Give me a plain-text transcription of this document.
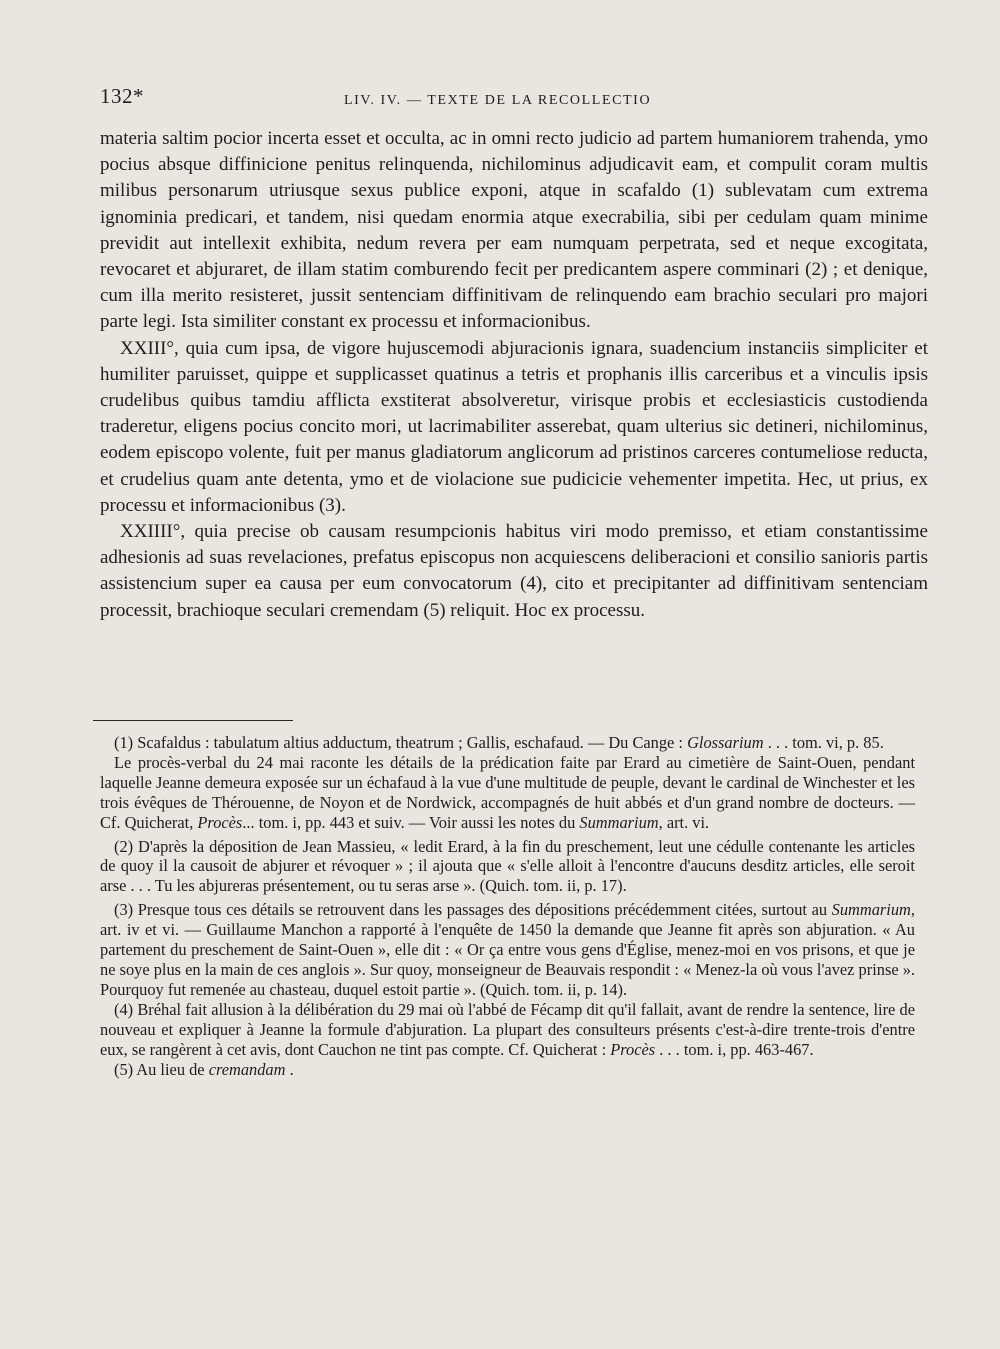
132*	LIV. IV. — TEXTE DE LA RECOLLECTIO

materia saltim pocior incerta esset et occulta, ac in omni recto judicio ad partem humaniorem trahenda, ymo pocius absque diffinicione penitus relinquenda, nichilominus adjudicavit eam, et compulit coram multis milibus personarum utriusque sexus publice exponi, atque in scafaldo (1) sublevatam cum extrema ignominia predicari, et tandem, nisi quedam enormia atque execrabilia, sibi per cedulam quam minime previdit aut intellexit exhibita, nedum revera per eam numquam perpetrata, sed et neque excogitata, revocaret et abjuraret, de illam statim comburendo fecit per predicantem aspere comminari (2) ; et denique, cum illa merito resisteret, jussit sentenciam diffinitivam de relinquendo eam brachio seculari pro majori parte legi. Ista similiter constant ex processu et informacionibus.

XXIII°, quia cum ipsa, de vigore hujuscemodi abjuracionis ignara, suadencium instanciis simpliciter et humiliter paruisset, quippe et supplicasset quatinus a tetris et prophanis illis carceribus et a vinculis ipsis crudelibus quibus tamdiu afflicta exstiterat absolveretur, virisque probis et ecclesiasticis custodienda traderetur, eligens pocius concito mori, ut lacrimabiliter asserebat, quam ulterius sic detineri, nichilominus, eodem episcopo volente, fuit per manus gladiatorum anglicorum ad pristinos carceres contumeliose reducta, et crudelius quam ante detenta, ymo et de violacione sue pudicicie vehementer impetita. Hec, ut prius, ex processu et informacionibus (3).

XXIIII°, quia precise ob causam resumpcionis habitus viri modo premisso, et etiam constantissime adhesionis ad suas revelaciones, prefatus episcopus non acquiescens deliberacioni et consilio sanioris partis assistencium super ea causa per eum convocatorum (4), cito et precipitanter ad diffinitivam sentenciam processit, brachioque seculari cremendam (5) reliquit. Hoc ex processu.

(1) Scafaldus : tabulatum altius adductum, theatrum ; Gallis, eschafaud. — Du Cange : Glossarium . . . tom. vi, p. 85.

Le procès-verbal du 24 mai raconte les détails de la prédication faite par Erard au cimetière de Saint-Ouen, pendant laquelle Jeanne demeura exposée sur un échafaud à la vue d'une multitude de peuple, devant le cardinal de Winchester et les trois évêques de Thérouenne, de Noyon et de Nordwick, accompagnés de huit abbés et d'un grand nombre de docteurs. — Cf. Quicherat, Procès... tom. i, pp. 443 et suiv. — Voir aussi les notes du Summarium, art. vi.

(2) D'après la déposition de Jean Massieu, « ledit Erard, à la fin du preschement, leut une cédulle contenante les articles de quoy il la causoit de abjurer et révoquer » ; il ajouta que « s'elle alloit à l'encontre d'aucuns desditz articles, elle seroit arse . . . Tu les abjureras présentement, ou tu seras arse ». (Quich. tom. ii, p. 17).

(3) Presque tous ces détails se retrouvent dans les passages des dépositions précédemment citées, surtout au Summarium, art. iv et vi. — Guillaume Manchon a rapporté à l'enquête de 1450 la demande que Jeanne fit après son abjuration. « Au partement du preschement de Saint-Ouen », elle dit : « Or ça entre vous gens d'Église, menez-moi en vos prisons, et que je ne soye plus en la main de ces anglois ». Sur quoy, monseigneur de Beauvais respondit : « Menez-la où vous l'avez prinse ». Pourquoy fut remenée au chasteau, duquel estoit partie ». (Quich. tom. ii, p. 14).

(4) Bréhal fait allusion à la délibération du 29 mai où l'abbé de Fécamp dit qu'il fallait, avant de rendre la sentence, lire de nouveau et expliquer à Jeanne la formule d'abjuration. La plupart des consulteurs présents c'est-à-dire trente-trois d'entre eux, se rangèrent à cet avis, dont Cauchon ne tint pas compte. Cf. Quicherat : Procès . . . tom. i, pp. 463-467.

(5) Au lieu de cremandam .
